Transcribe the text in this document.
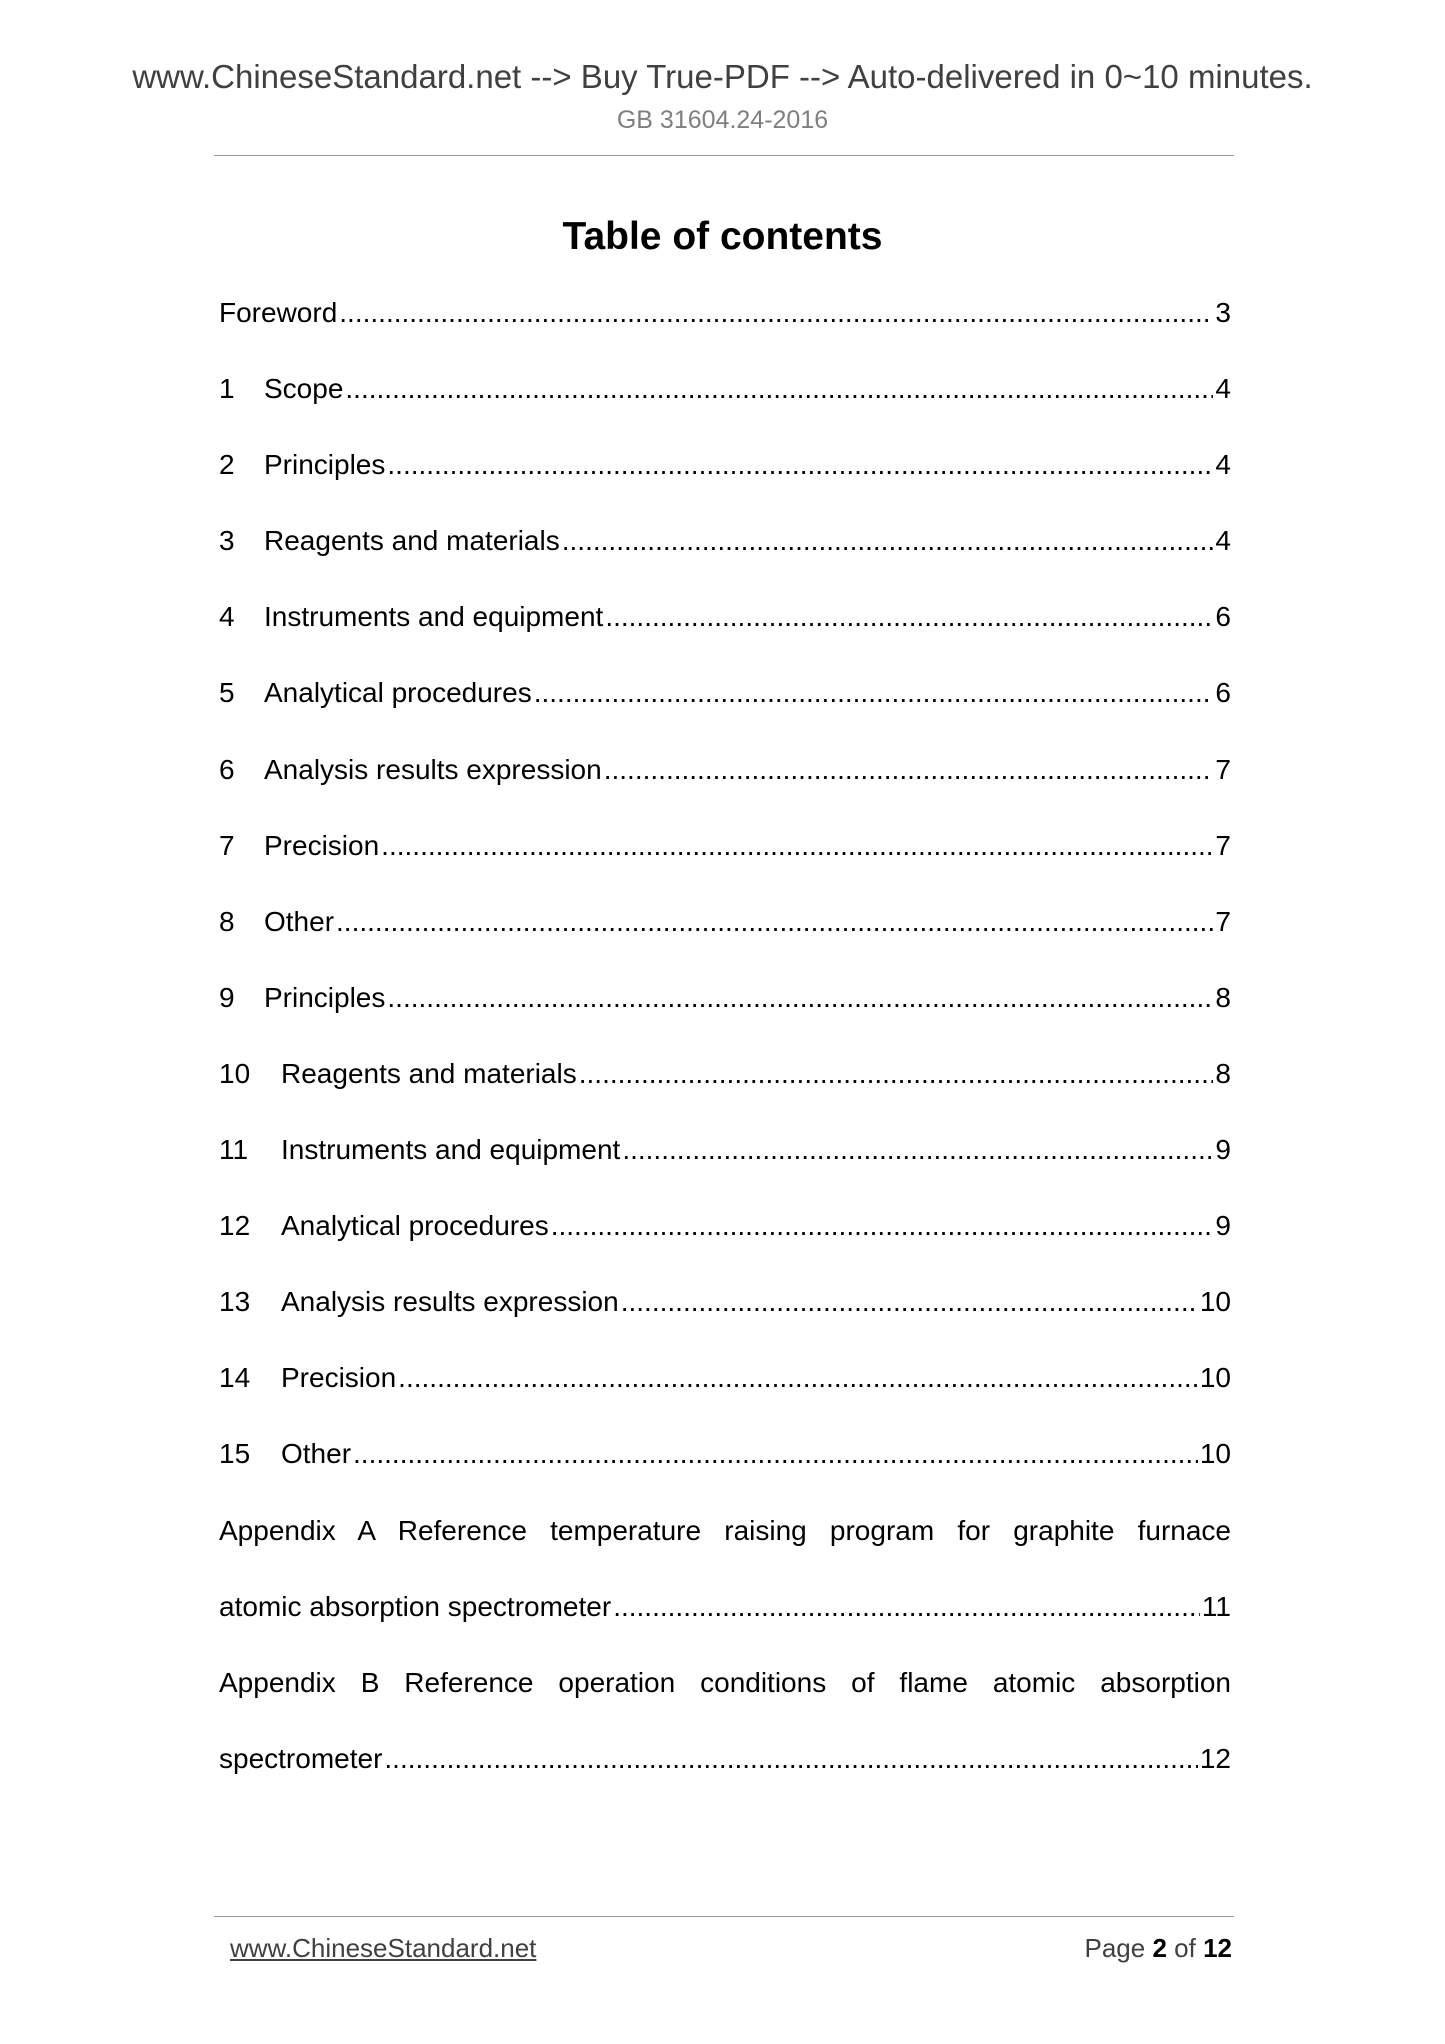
www.ChineseStandard.net --> Buy True-PDF --> Auto-delivered in 0~10 minutes.
GB 31604.24-2016
Table of contents
Foreword .....	3
1	Scope .....	4
2	Principles .....	4
3	Reagents and materials .....	4
4	Instruments and equipment .....	6
5	Analytical procedures .....	6
6	Analysis results expression .....	7
7	Precision .....	7
8	Other .....	7
9	Principles .....	8
10	Reagents and materials .....	8
11	Instruments and equipment .....	9
12	Analytical procedures .....	9
13	Analysis results expression .....	10
14	Precision .....	10
15	Other .....	10
Appendix A Reference temperature raising program for graphite furnace
atomic absorption spectrometer .....	11
Appendix B Reference operation conditions of flame atomic absorption
spectrometer .....	12
www.ChineseStandard.net	Page 2 of 12
